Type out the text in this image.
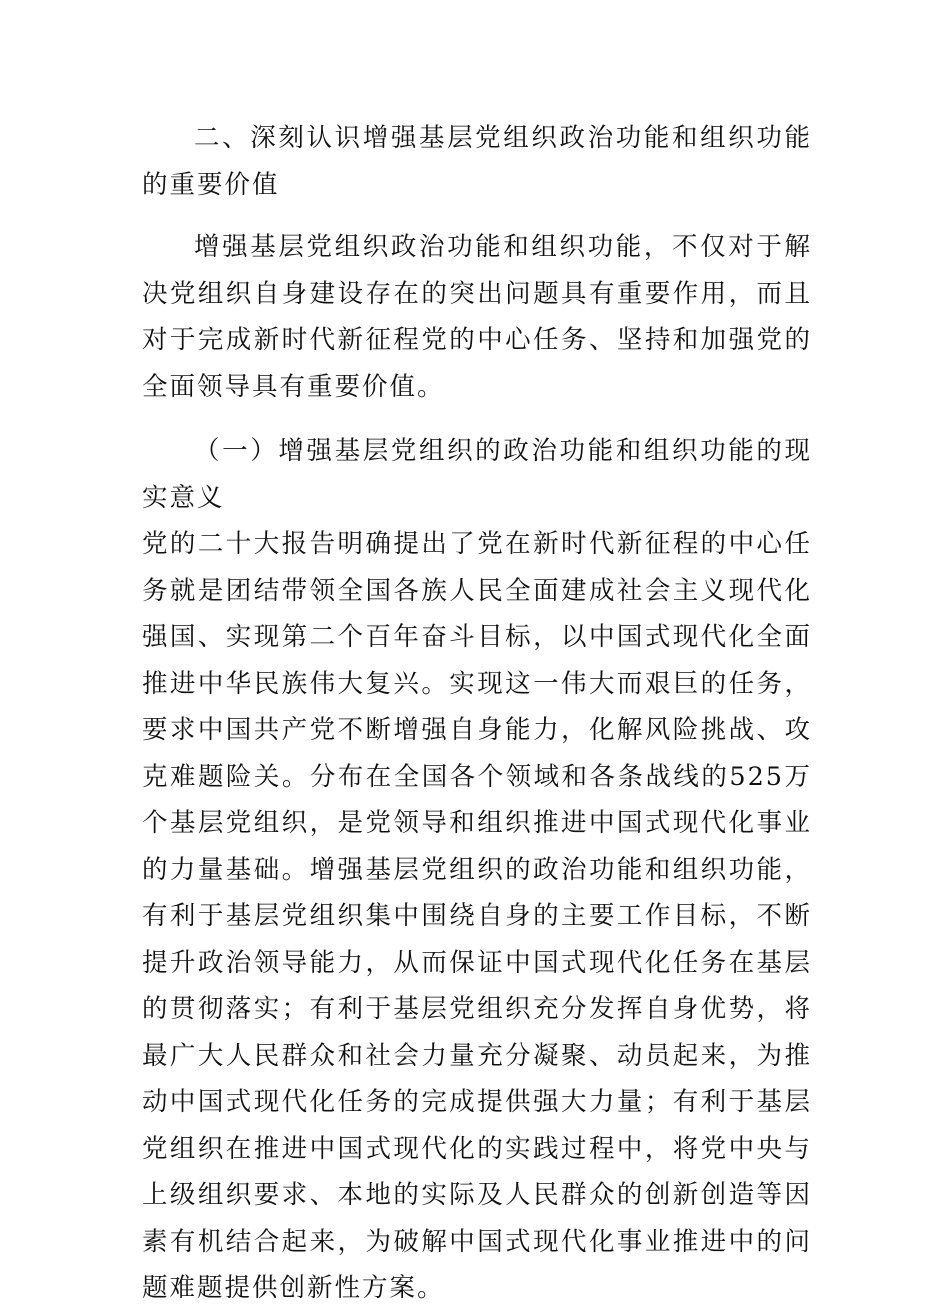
二、深刻认识增强基层党组织政治功能和组织功能的重要价值

增强基层党组织政治功能和组织功能，不仅对于解决党组织自身建设存在的突出问题具有重要作用，而且对于完成新时代新征程党的中心任务、坚持和加强党的全面领导具有重要价值。

（一）增强基层党组织的政治功能和组织功能的现实意义

党的二十大报告明确提出了党在新时代新征程的中心任务就是团结带领全国各族人民全面建成社会主义现代化强国、实现第二个百年奋斗目标，以中国式现代化全面推进中华民族伟大复兴。实现这一伟大而艰巨的任务，要求中国共产党不断增强自身能力，化解风险挑战、攻克难题险关。分布在全国各个领域和各条战线的525万个基层党组织，是党领导和组织推进中国式现代化事业的力量基础。增强基层党组织的政治功能和组织功能，有利于基层党组织集中围绕自身的主要工作目标，不断提升政治领导能力，从而保证中国式现代化任务在基层的贯彻落实；有利于基层党组织充分发挥自身优势，将最广大人民群众和社会力量充分凝聚、动员起来，为推动中国式现代化任务的完成提供强大力量；有利于基层党组织在推进中国式现代化的实践过程中，将党中央与上级组织要求、本地的实际及人民群众的创新创造等因素有机结合起来，为破解中国式现代化事业推进中的问题难题提供创新性方案。
